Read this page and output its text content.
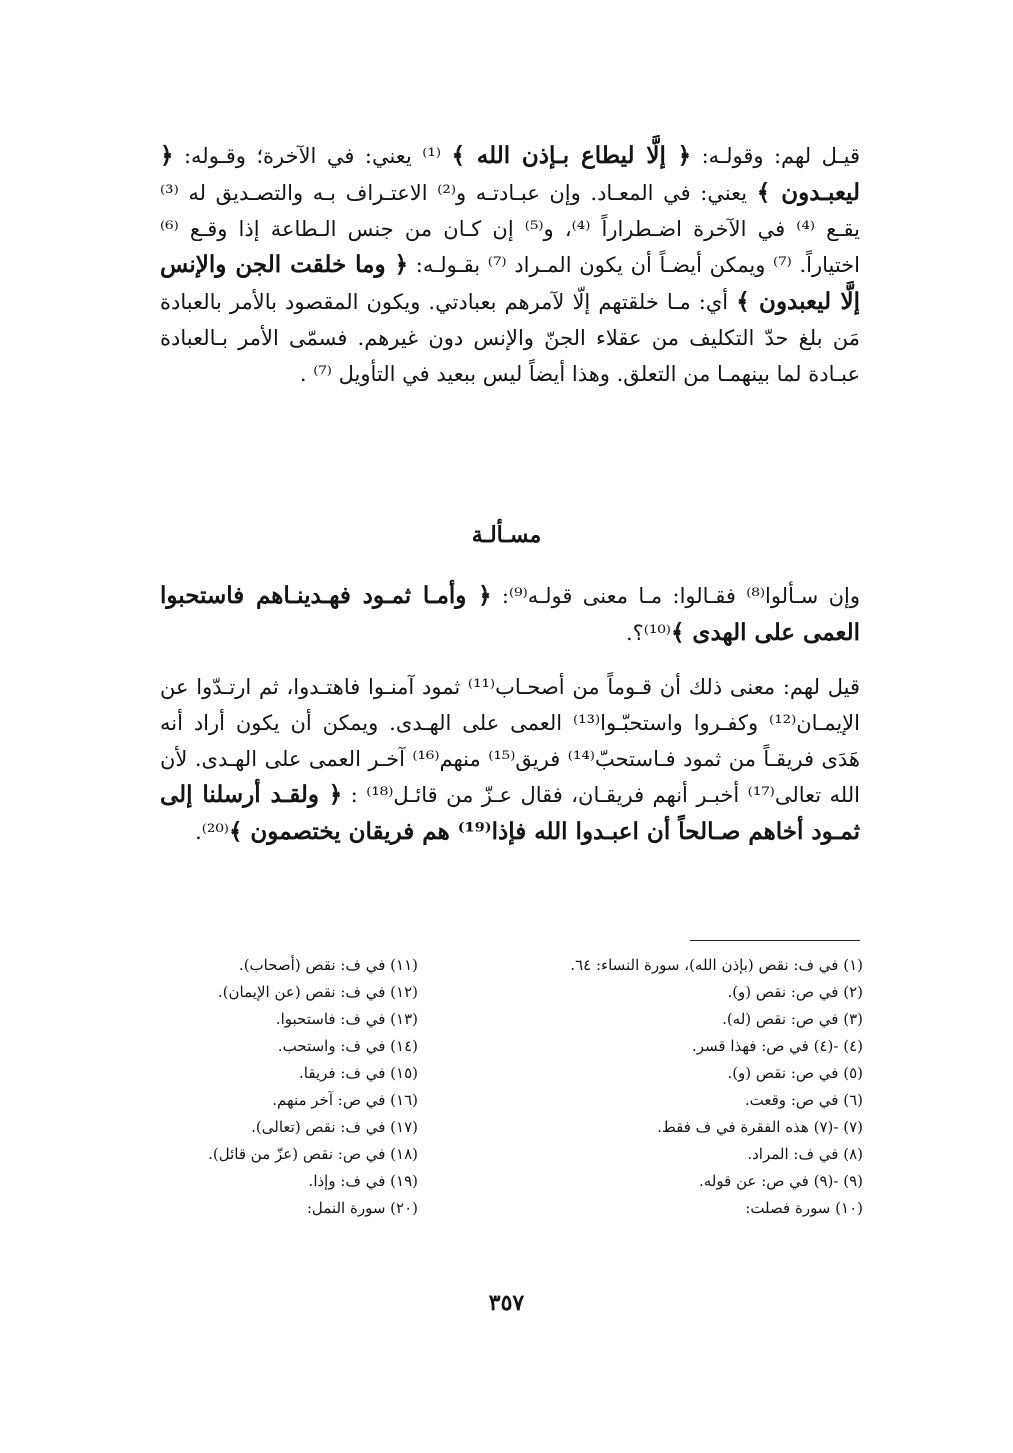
قيـل لهم: وقولـه: ﴿ إلَّا ليطاع بـإذن الله ﴾ ⁽¹⁾ يعني: في الآخرة؛ وقـوله: ﴿ ليعبـدون ﴾ يعني: في المعـاد. وإن عبـادتـه و⁽²⁾ الاعتـراف بـه والتصـديق له ⁽³⁾ يقـع ⁽⁴⁾ في الآخرة اضـطراراً ⁽⁴⁾، و⁽⁵⁾ إن كـان من جنس الـطاعة إذا وقـع ⁽⁶⁾ اختياراً. ⁽⁷⁾ ويمكن أيضـاً أن يكون المـراد ⁽⁷⁾ بقـولـه: ﴿ وما خلقت الجن والإنس إلَّا ليعبدون ﴾ أي: مـا خلقتهم إلّا لآمرهم بعبادتي. ويكون المقصود بالأمر بالعبادة مَن بلغ حدّ التكليف من عقلاء الجنّ والإنس دون غيرهم. فسمّى الأمر بـالعبادة عبـادة لما بينهمـا من التعلق. وهذا أيضاً ليس ببعيد في التأويل ⁽⁷⁾ .
مسـألـة
وإن سـألوا⁽⁸⁾ فقـالوا: مـا معنى قولـه⁽⁹⁾: ﴿ وأمـا ثمـود فهـدينـاهم فاستحبوا العمى على الهدى ﴾⁽¹⁰⁾؟.
قيل لهم: معنى ذلك أن قـوماً من أصحـاب⁽¹¹⁾ ثمود آمنـوا فاهتـدوا، ثم ارتـدّوا عن الإيمـان⁽¹²⁾ وكفـروا واستحبّـوا⁽¹³⁾ العمى على الهـدى. ويمكن أن يكون أراد أنه هَدَى فريقـاً من ثمود فـاستحبّ⁽¹⁴⁾ فريق⁽¹⁵⁾ منهم⁽¹⁶⁾ آخـر العمى على الهـدى. لأن الله تعالى⁽¹⁷⁾ أخبـر أنهم فريقـان، فقال عـزّ من قائـل⁽¹⁸⁾ : ﴿ ولقـد أرسلنا إلى ثمـود أخاهم صـالحاً أن اعبـدوا الله فإذا⁽¹⁹⁾ هم فريقان يختصمون ﴾⁽²⁰⁾.
(١) في ف: نقص (بإذن الله)، سورة النساء: ٦٤.
(٢) في ص: نقص (و).
(٣) في ص: نقص (له).
(٤) -(٤) في ص: فهذا قسر.
(٥) في ص: نقص (و).
(٦) في ص: وقعت.
(٧) -(٧) هذه الفقرة في ف فقط.
(٨) في ف: المراد.
(٩) -(٩) في ص: عن قوله.
(١٠) سورة فصلت:
(١١) في ف: نقص (أصحاب).
(١٢) في ف: نقص (عن الإيمان).
(١٣) في ف: فاستحبوا.
(١٤) في ف: واستحب.
(١٥) في ف: فريقا.
(١٦) في ص: آخر منهم.
(١٧) في ف: نقص (تعالى).
(١٨) في ص: نقص (عزّ من قائل).
(١٩) في ف: وإذا.
(٢٠) سورة النمل:
٣٥٧
